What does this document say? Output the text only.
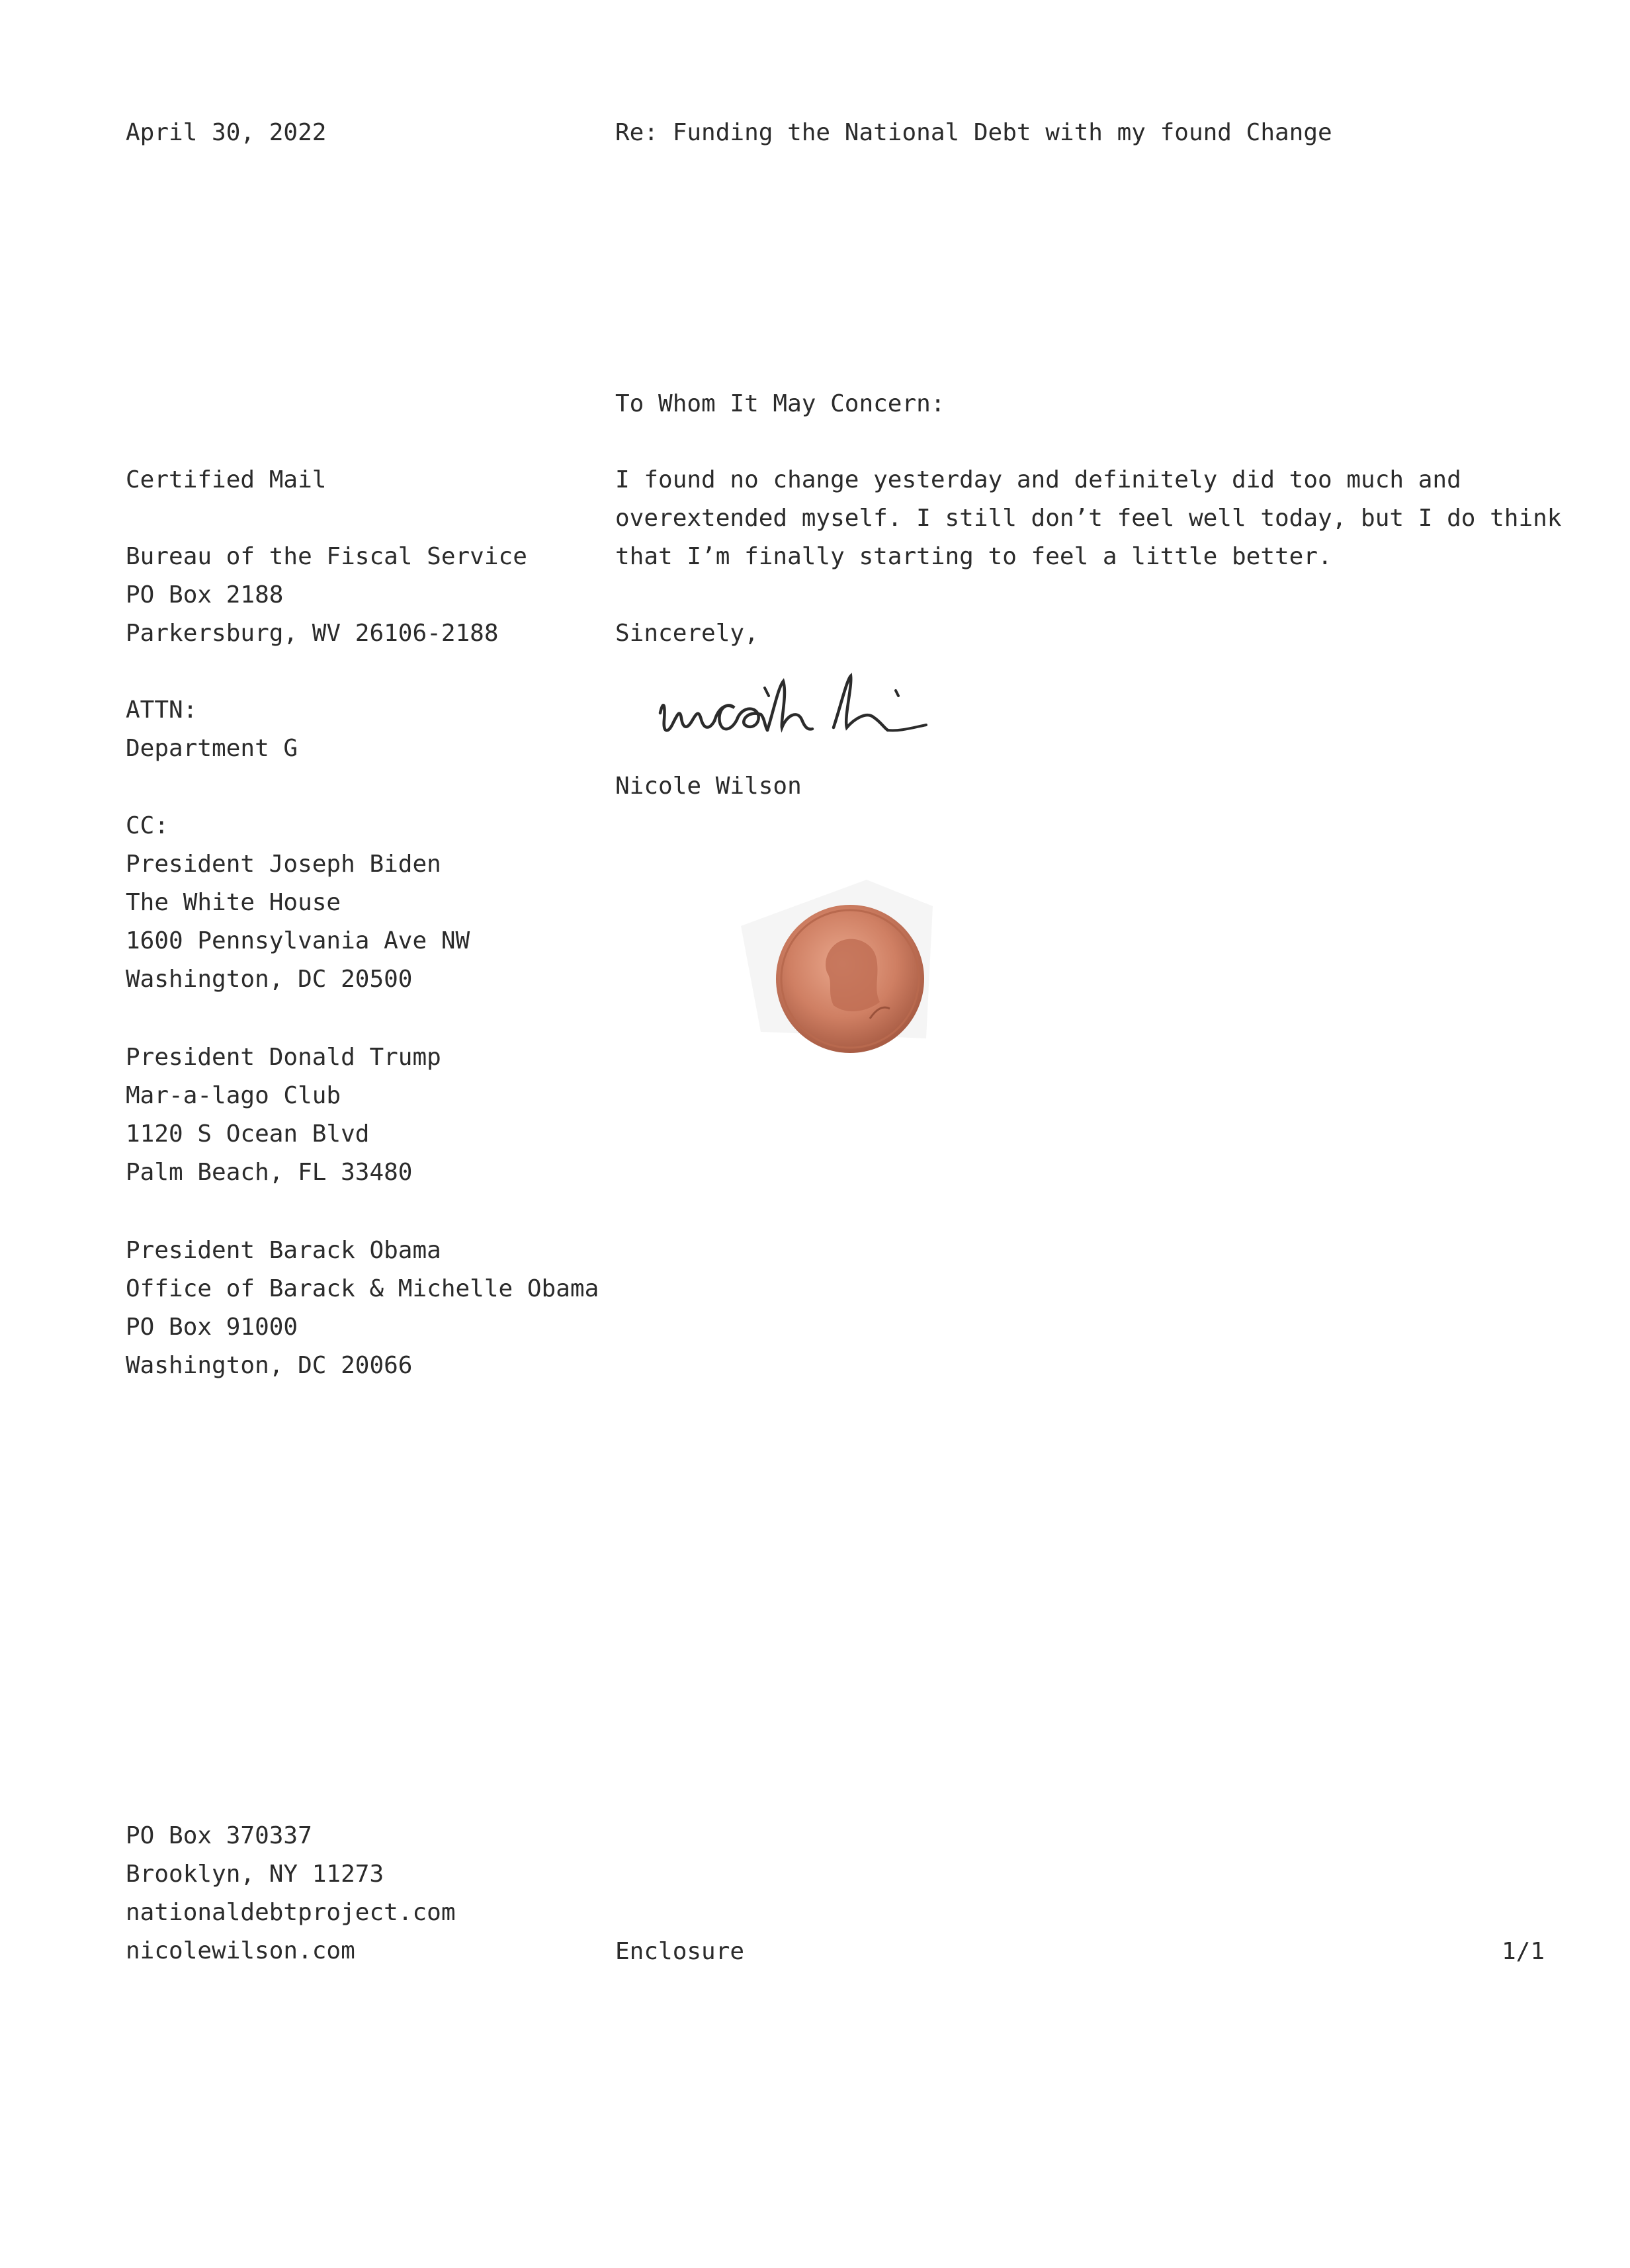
April 30, 2022	Re: Funding the National Debt with my found Change

To Whom It May Concern:

Certified Mail	I found no change yesterday and definitely did too much and
overextended myself. I still don’t feel well today, but I do think
that I’m finally starting to feel a little better.
Bureau of the Fiscal Service
PO Box 2188
Parkersburg, WV 26106-2188	Sincerely,

Nicole Wilson

ATTN:
Department G
CC:
President Joseph Biden
The White House
1600 Pennsylvania Ave NW
Washington, DC 20500
President Donald Trump
Mar-a-lago Club
1120 S Ocean Blvd
Palm Beach, FL 33480
President Barack Obama
Office of Barack & Michelle Obama
PO Box 91000
Washington, DC 20066
PO Box 370337
Brooklyn, NY 11273
nationaldebtproject.com
nicolewilson.com	Enclosure	1/1
